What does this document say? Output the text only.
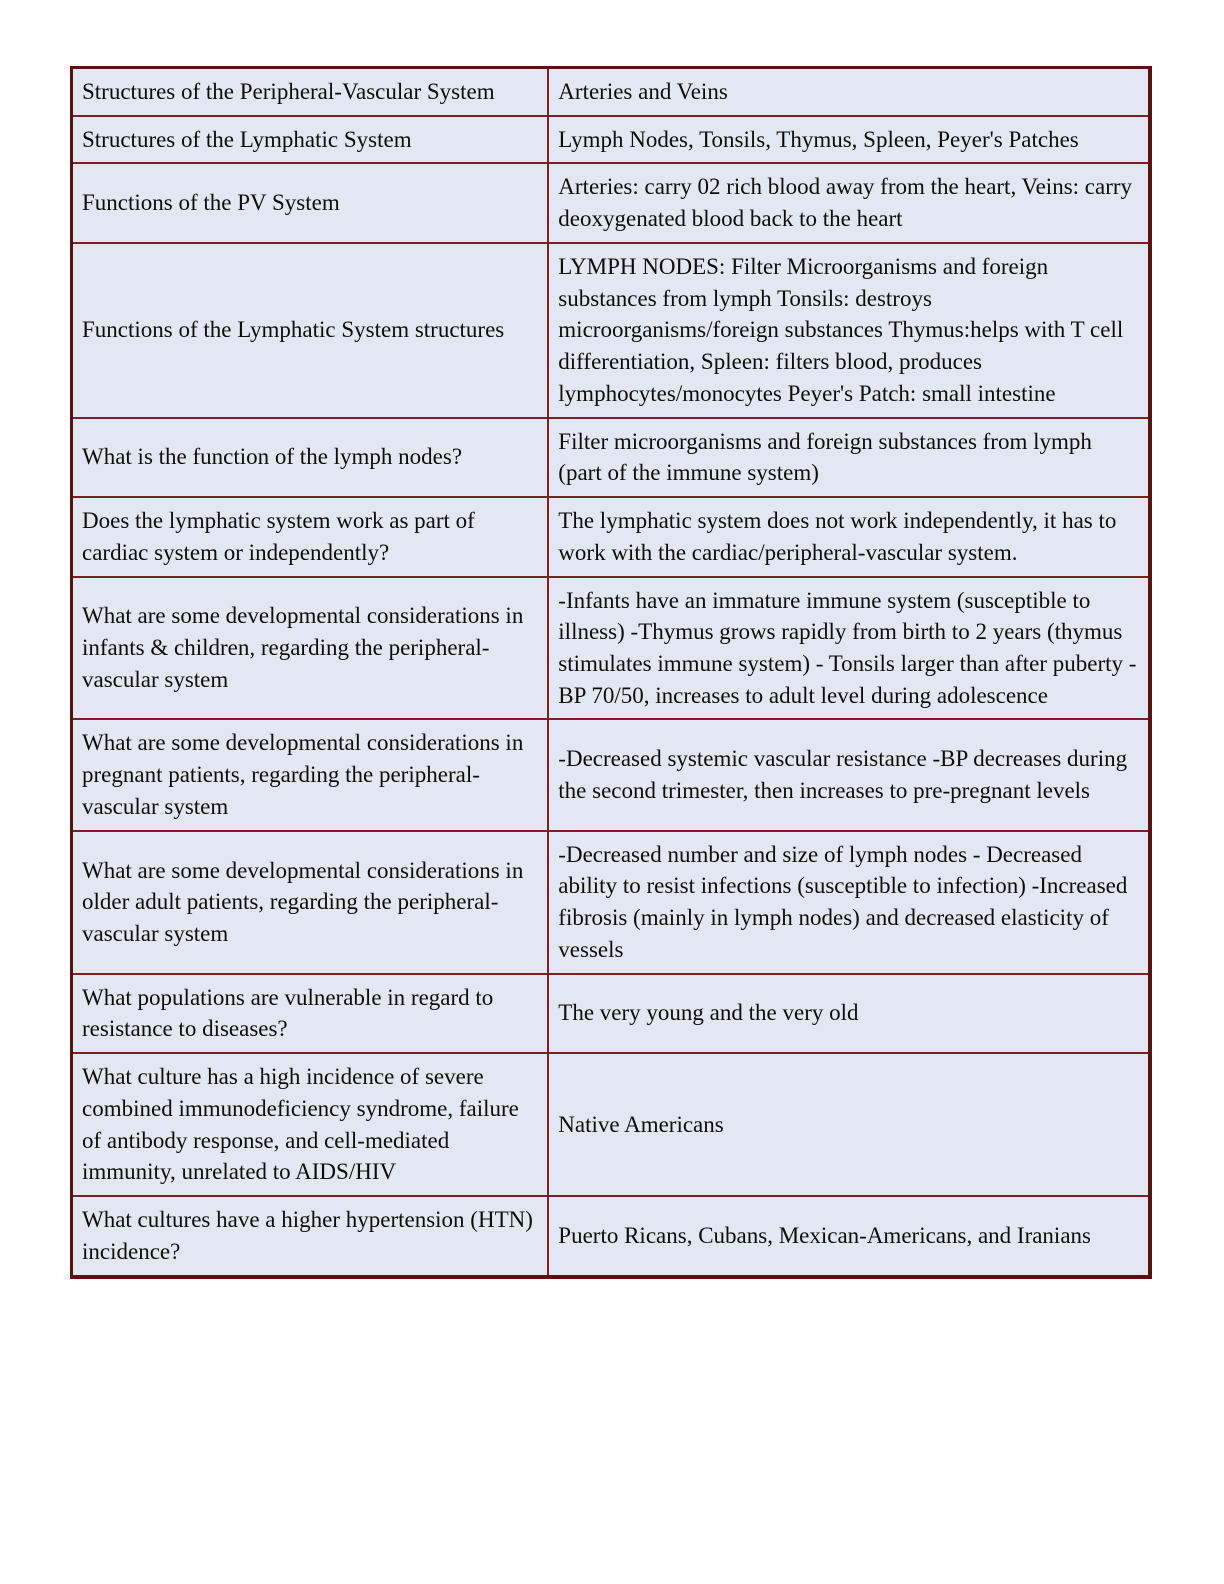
Structures of the Peripheral-Vascular System	Arteries and Veins
Structures of the Lymphatic System	Lymph Nodes, Tonsils, Thymus, Spleen, Peyer's Patches
Functions of the PV System	Arteries: carry 02 rich blood away from the heart, Veins: carry deoxygenated blood back to the heart
Functions of the Lymphatic System structures	LYMPH NODES: Filter Microorganisms and foreign substances from lymph Tonsils: destroys microorganisms/foreign substances Thymus:helps with T cell differentiation, Spleen: filters blood, produces lymphocytes/monocytes Peyer's Patch: small intestine
What is the function of the lymph nodes?	Filter microorganisms and foreign substances from lymph (part of the immune system)
Does the lymphatic system work as part of cardiac system or independently?	The lymphatic system does not work independently, it has to work with the cardiac/peripheral-vascular system.
What are some developmental considerations in infants & children, regarding the peripheral-vascular system	-Infants have an immature immune system (susceptible to illness) -Thymus grows rapidly from birth to 2 years (thymus stimulates immune system) - Tonsils larger than after puberty -BP 70/50, increases to adult level during adolescence
What are some developmental considerations in pregnant patients, regarding the peripheral-vascular system	-Decreased systemic vascular resistance -BP decreases during the second trimester, then increases to pre-pregnant levels
What are some developmental considerations in older adult patients, regarding the peripheral-vascular system	-Decreased number and size of lymph nodes - Decreased ability to resist infections (susceptible to infection) -Increased fibrosis (mainly in lymph nodes) and decreased elasticity of vessels
What populations are vulnerable in regard to resistance to diseases?	The very young and the very old
What culture has a high incidence of severe combined immunodeficiency syndrome, failure of antibody response, and cell-mediated immunity, unrelated to AIDS/HIV	Native Americans
What cultures have a higher hypertension (HTN) incidence?	Puerto Ricans, Cubans, Mexican-Americans, and Iranians
